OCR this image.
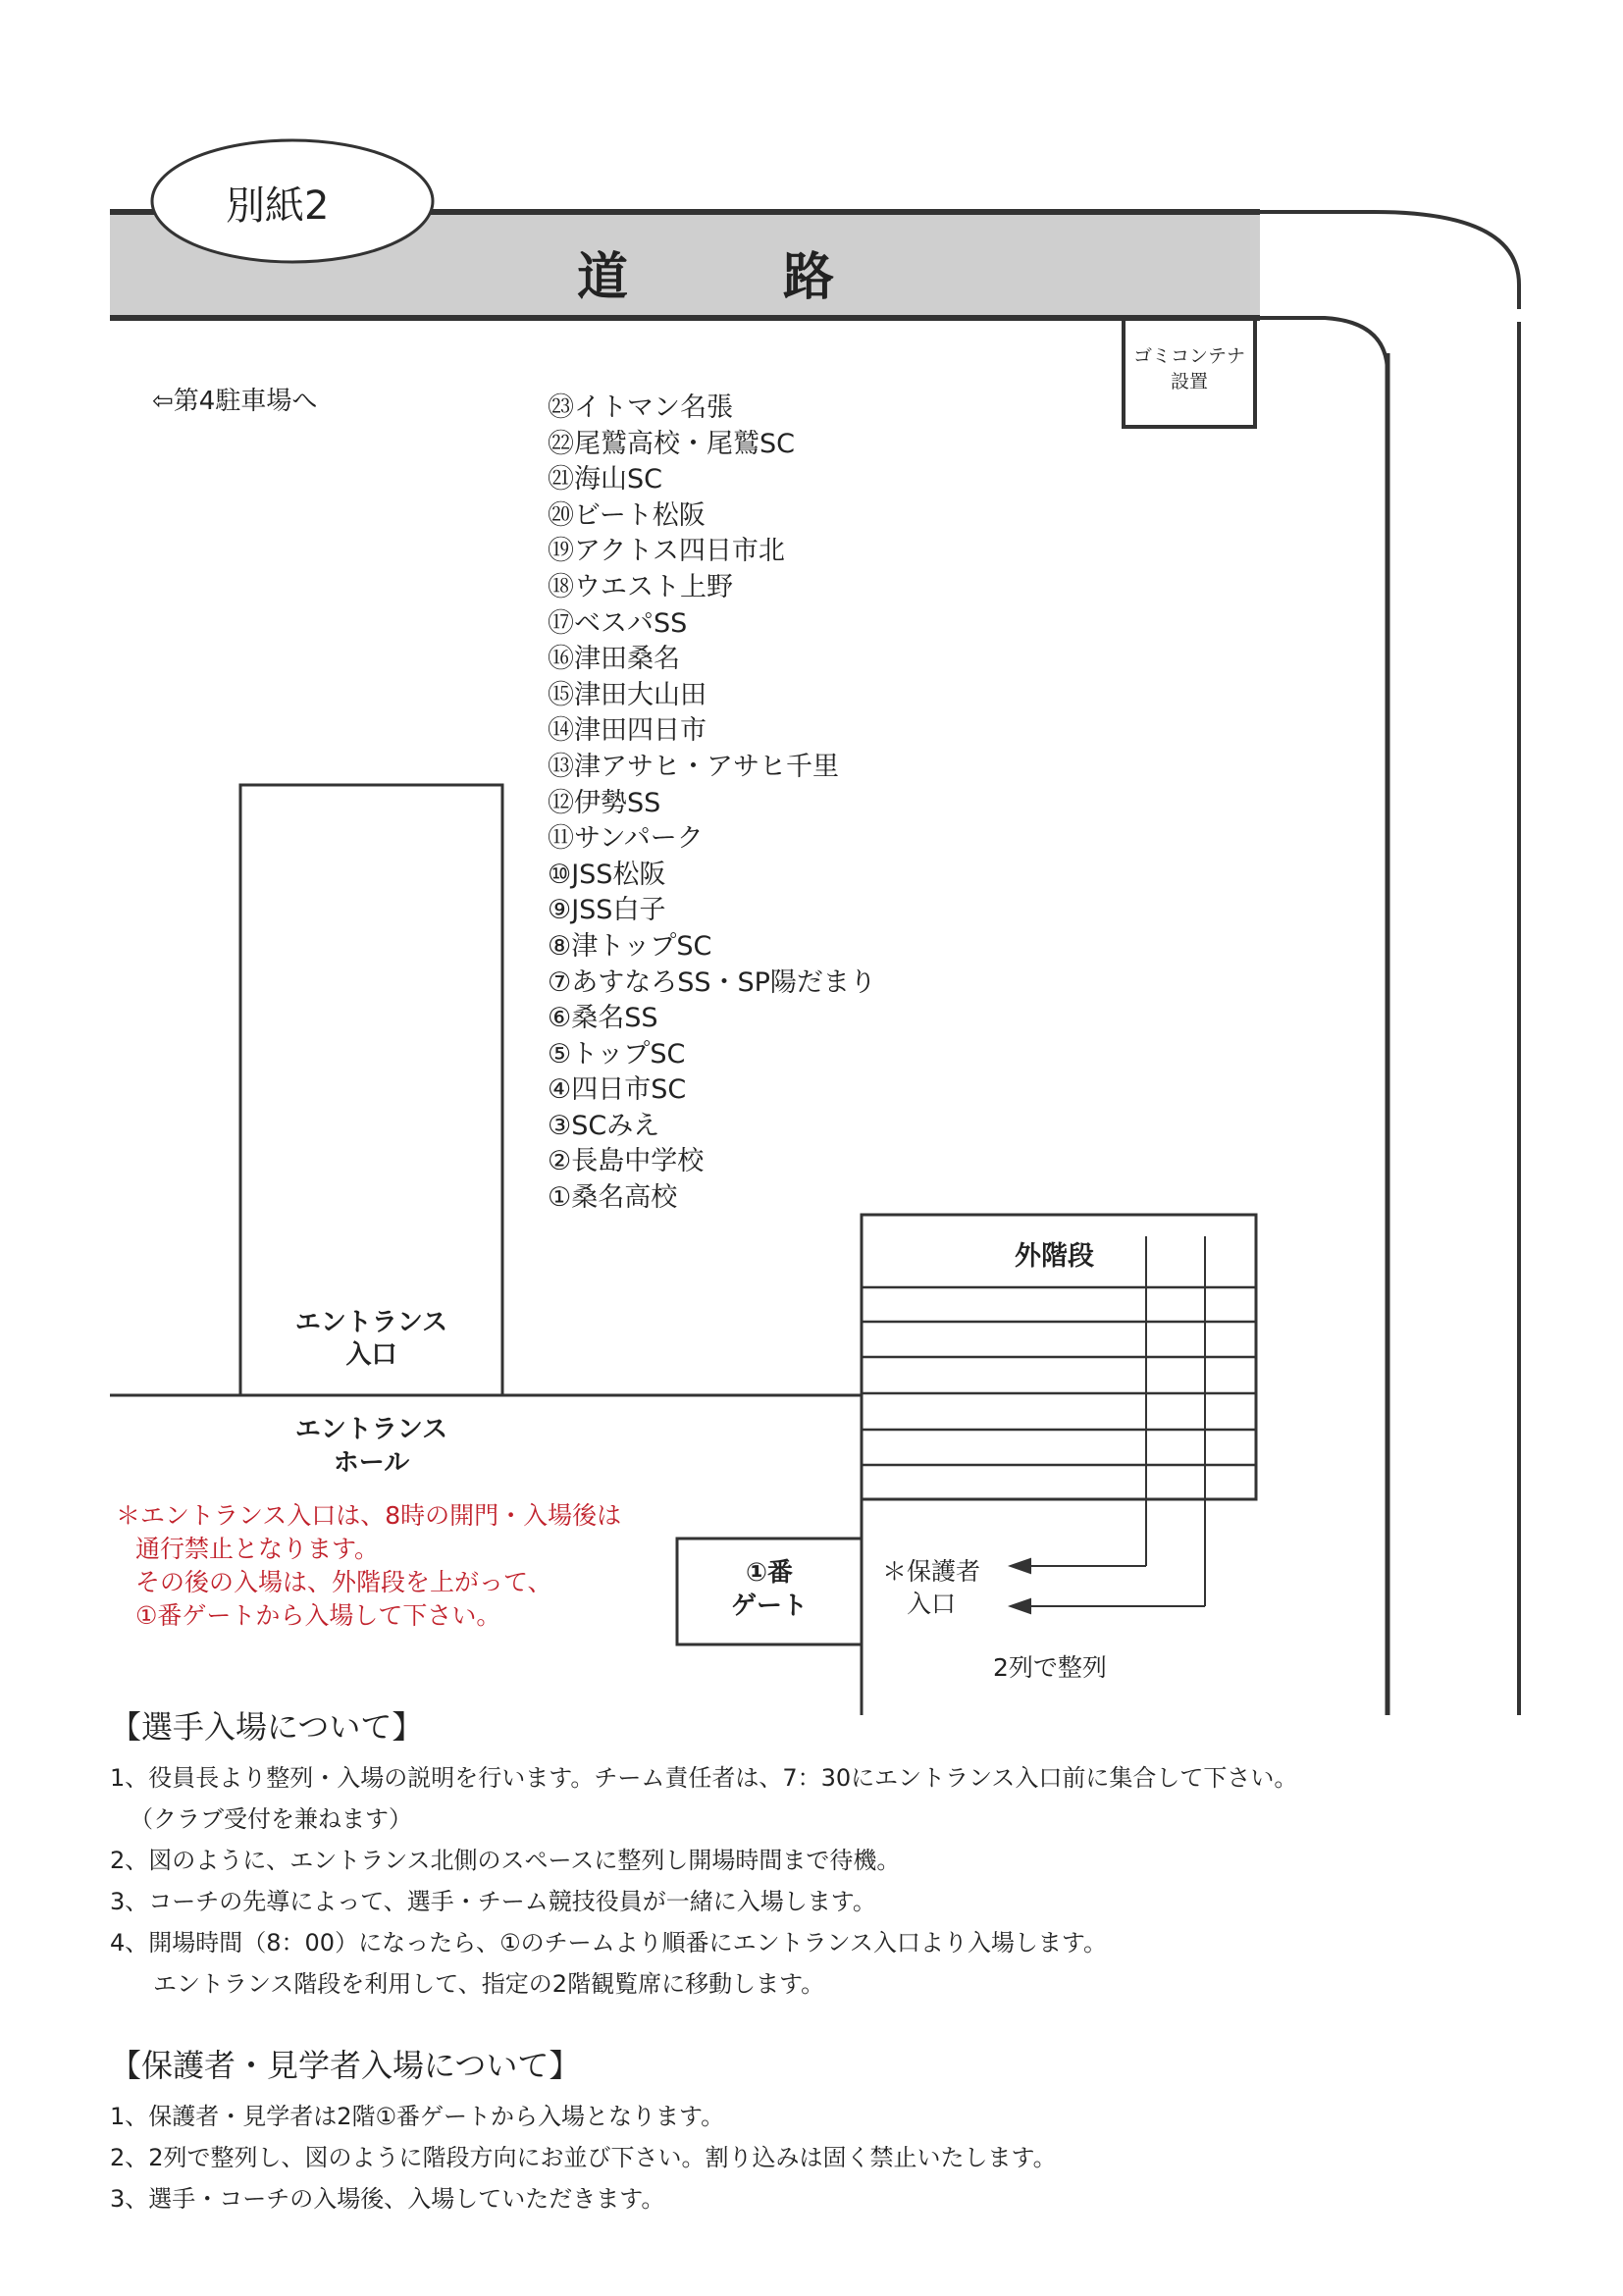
別紙2
道　　路
⇦第4駐車場へ
ゴミコンテナ
設置
㉓イトマン名張
㉒尾鷲高校・尾鷲SC
㉑海山SC
⑳ビート松阪
⑲アクトス四日市北
⑱ウエスト上野
⑰ベスパSS
⑯津田桑名
⑮津田大山田
⑭津田四日市
⑬津アサヒ・アサヒ千里
⑫伊勢SS
⑪サンパーク
⑩JSS松阪
⑨JSS白子
⑧津トップSC
⑦あすなろSS・SP陽だまり
⑥桑名SS
⑤トップSC
④四日市SC
③SCみえ
②長島中学校
①桑名高校
エントランス
入口
エントランス
ホール
外階段
①番
ゲート
＊保護者
入口
2列で整列
＊エントランス入口は、8時の開門・入場後は
通行禁止となります。
その後の入場は、外階段を上がって、
①番ゲートから入場して下さい。
【選手入場について】
1、役員長より整列・入場の説明を行います。チーム責任者は、7：30にエントランス入口前に集合して下さい。
（クラブ受付を兼ねます）
2、図のように、エントランス北側のスペースに整列し開場時間まで待機。
3、コーチの先導によって、選手・チーム競技役員が一緒に入場します。
4、開場時間（8：00）になったら、①のチームより順番にエントランス入口より入場します。
エントランス階段を利用して、指定の2階観覧席に移動します。
【保護者・見学者入場について】
1、保護者・見学者は2階①番ゲートから入場となります。
2、2列で整列し、図のように階段方向にお並び下さい。割り込みは固く禁止いたします。
3、選手・コーチの入場後、入場していただきます。
